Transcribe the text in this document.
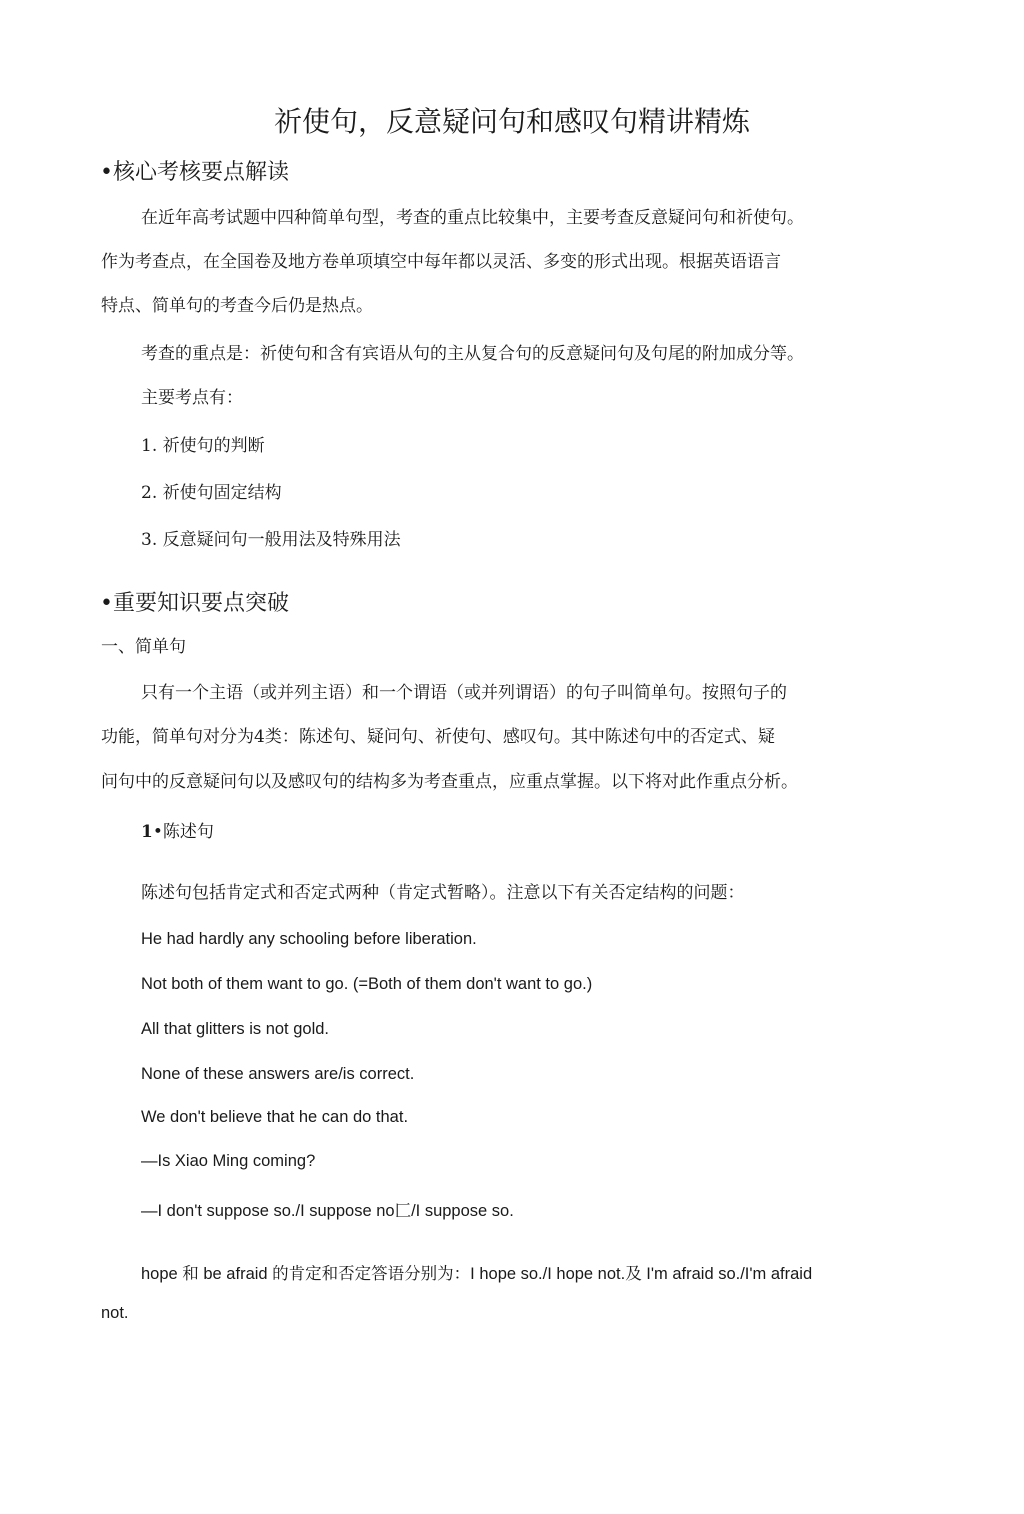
祈使句，反意疑问句和感叹句精讲精炼
•核心考核要点解读
在近年高考试题中四种简单句型，考查的重点比较集中，主要考查反意疑问句和祈使句。
作为考查点，在全国卷及地方卷单项填空中每年都以灵活、多变的形式出现。根据英语语言
特点、简单句的考查今后仍是热点。
考查的重点是：祈使句和含有宾语从句的主从复合句的反意疑问句及句尾的附加成分等。
主要考点有：
1. 祈使句的判断
2. 祈使句固定结构
3. 反意疑问句一般用法及特殊用法
•重要知识要点突破
一、简单句
只有一个主语（或并列主语）和一个谓语（或并列谓语）的句子叫简单句。按照句子的
功能，简单句对分为4类：陈述句、疑问句、祈使句、感叹句。其中陈述句中的否定式、疑
问句中的反意疑问句以及感叹句的结构多为考查重点，应重点掌握。以下将对此作重点分析。
1•陈述句
陈述句包括肯定式和否定式两种（肯定式暂略）。注意以下有关否定结构的问题：
He had hardly any schooling before liberation.
Not both of them want to go. (=Both of them don't want to go.)
All that glitters is not gold.
None of these answers are/is correct.
We don't believe that he can do that.
—Is Xiao Ming coming?
—I don't suppose so./I suppose no匚/I suppose so.
hope 和 be afraid 的肯定和否定答语分别为：I hope so./I hope not.及 I'm afraid so./I'm afraid
not.
